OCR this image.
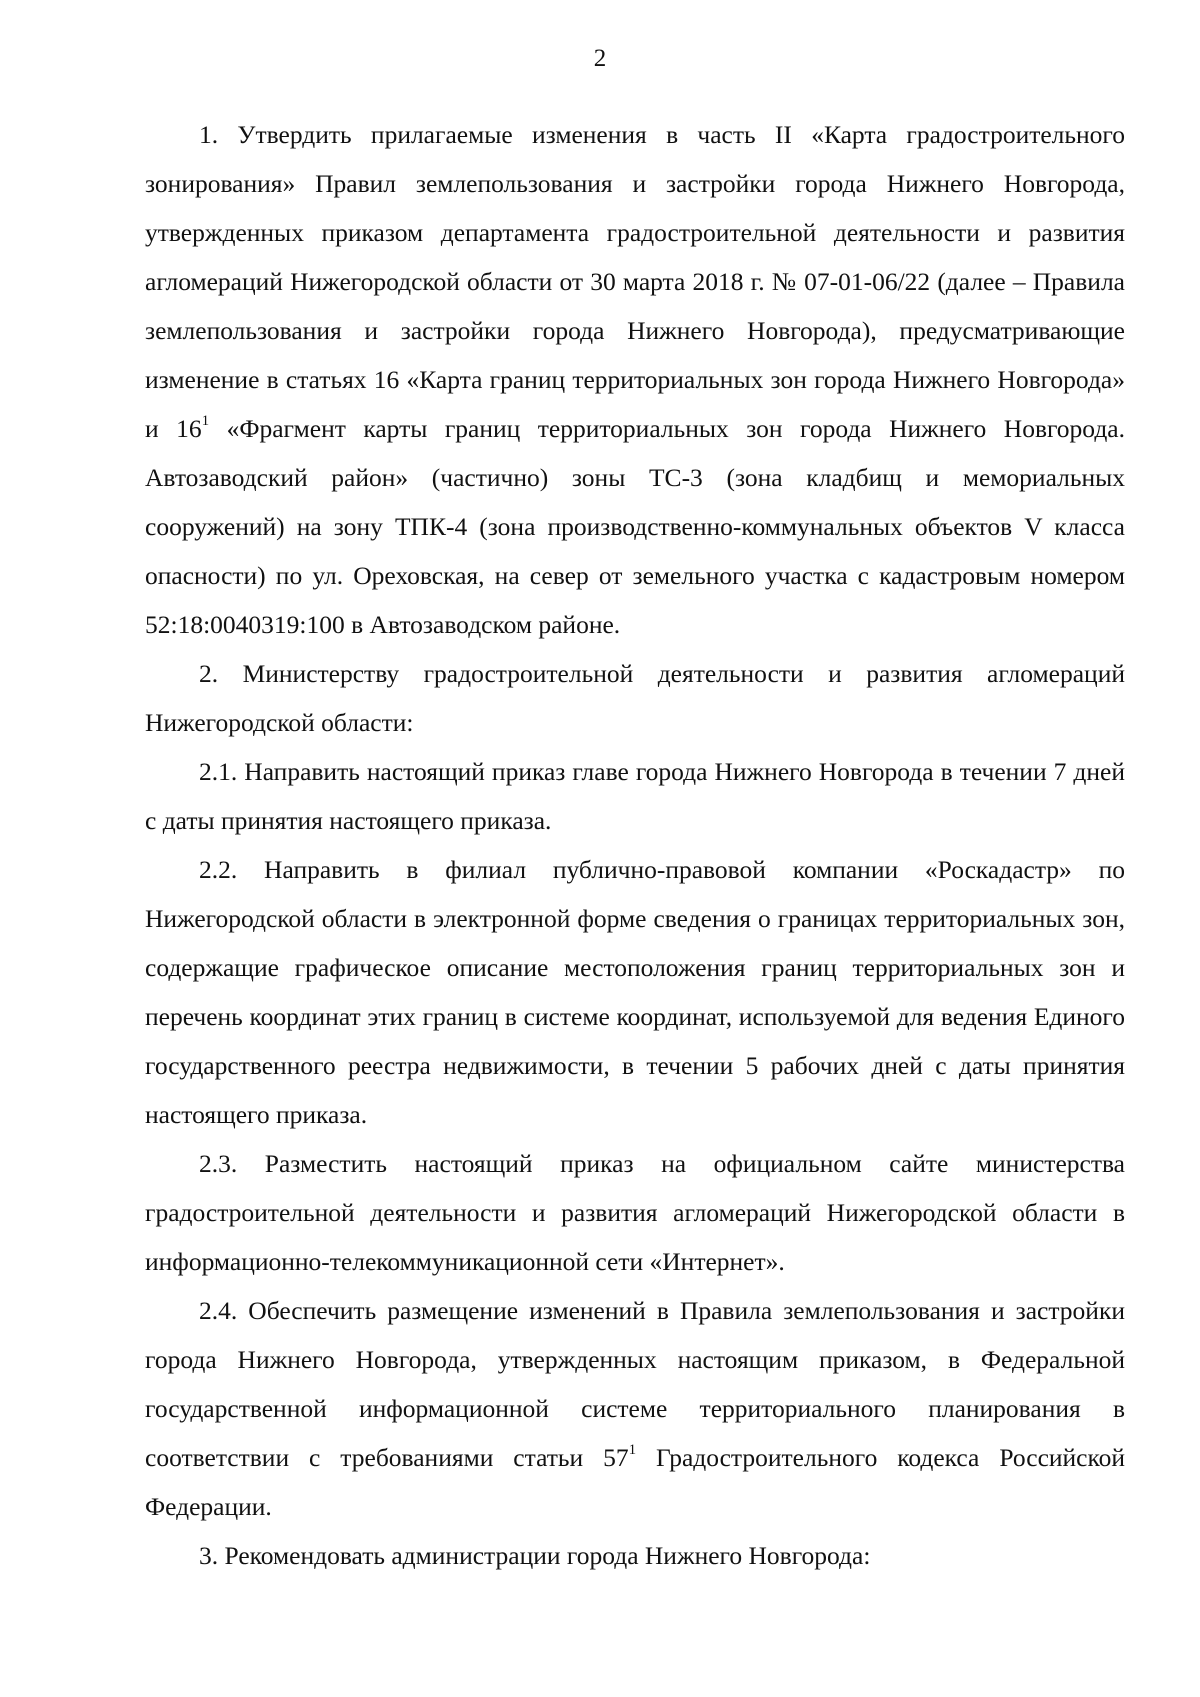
2

1. Утвердить прилагаемые изменения в часть II «Карта градостроительного зонирования» Правил землепользования и застройки города Нижнего Новгорода, утвержденных приказом департамента градостроительной деятельности и развития агломераций Нижегородской области от 30 марта 2018 г. № 07-01-06/22 (далее – Правила землепользования и застройки города Нижнего Новгорода), предусматривающие изменение в статьях 16 «Карта границ территориальных зон города Нижнего Новгорода» и $16^1$ «Фрагмент карты границ территориальных зон города Нижнего Новгорода. Автозаводский район» (частично) зоны ТС-3 (зона кладбищ и мемориальных сооружений) на зону ТПК-4 (зона производственно-коммунальных объектов V класса опасности) по ул. Ореховская, на север от земельного участка с кадастровым номером 52:18:0040319:100 в Автозаводском районе.

2. Министерству градостроительной деятельности и развития агломераций Нижегородской области:

2.1. Направить настоящий приказ главе города Нижнего Новгорода в течении 7 дней с даты принятия настоящего приказа.

2.2. Направить в филиал публично-правовой компании «Роскадастр» по Нижегородской области в электронной форме сведения о границах территориальных зон, содержащие графическое описание местоположения границ территориальных зон и перечень координат этих границ в системе координат, используемой для ведения Единого государственного реестра недвижимости, в течении 5 рабочих дней с даты принятия настоящего приказа.

2.3. Разместить настоящий приказ на официальном сайте министерства градостроительной деятельности и развития агломераций Нижегородской области в информационно-телекоммуникационной сети «Интернет».

2.4. Обеспечить размещение изменений в Правила землепользования и застройки города Нижнего Новгорода, утвержденных настоящим приказом, в Федеральной государственной информационной системе территориального планирования в соответствии с требованиями статьи $57^1$ Градостроительного кодекса Российской Федерации.

3. Рекомендовать администрации города Нижнего Новгорода:
